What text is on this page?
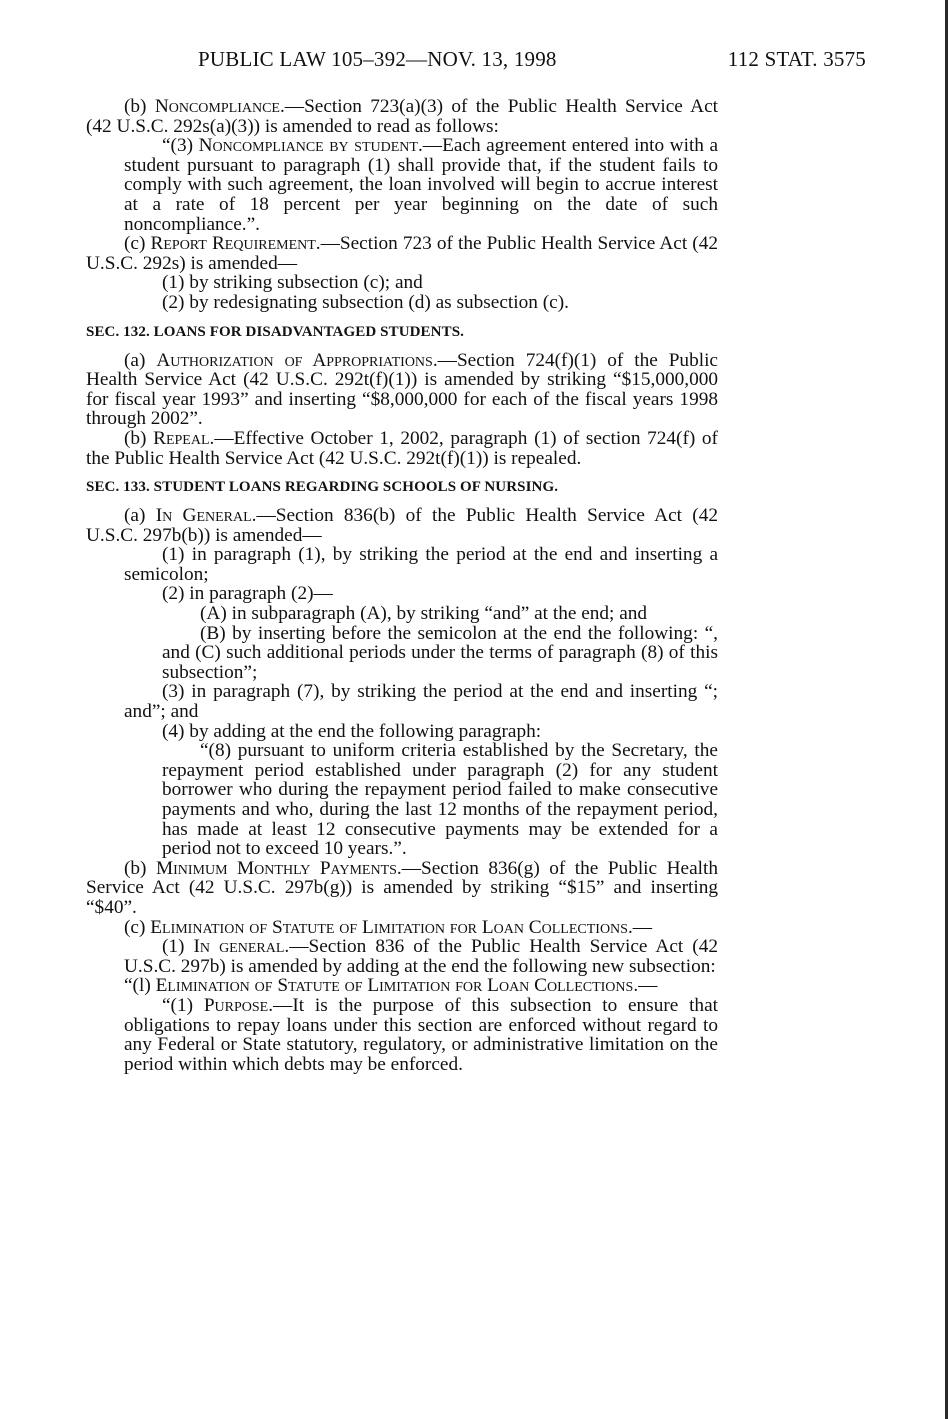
PUBLIC LAW 105–392—NOV. 13, 1998	112 STAT. 3575

(b) Noncompliance.—Section 723(a)(3) of the Public Health Service Act (42 U.S.C. 292s(a)(3)) is amended to read as follows:

“(3) Noncompliance by student.—Each agreement entered into with a student pursuant to paragraph (1) shall provide that, if the student fails to comply with such agreement, the loan involved will begin to accrue interest at a rate of 18 percent per year beginning on the date of such noncompliance.”.

(c) Report Requirement.—Section 723 of the Public Health Service Act (42 U.S.C. 292s) is amended—

(1) by striking subsection (c); and

(2) by redesignating subsection (d) as subsection (c).

SEC. 132. LOANS FOR DISADVANTAGED STUDENTS.

(a) Authorization of Appropriations.—Section 724(f)(1) of the Public Health Service Act (42 U.S.C. 292t(f)(1)) is amended by striking “$15,000,000 for fiscal year 1993” and inserting “$8,000,000 for each of the fiscal years 1998 through 2002”.

(b) Repeal.—Effective October 1, 2002, paragraph (1) of section 724(f) of the Public Health Service Act (42 U.S.C. 292t(f)(1)) is repealed.

SEC. 133. STUDENT LOANS REGARDING SCHOOLS OF NURSING.

(a) In General.—Section 836(b) of the Public Health Service Act (42 U.S.C. 297b(b)) is amended—

(1) in paragraph (1), by striking the period at the end and inserting a semicolon;

(2) in paragraph (2)—

(A) in subparagraph (A), by striking “and” at the end; and

(B) by inserting before the semicolon at the end the following: “, and (C) such additional periods under the terms of paragraph (8) of this subsection”;

(3) in paragraph (7), by striking the period at the end and inserting “; and”; and

(4) by adding at the end the following paragraph:

“(8) pursuant to uniform criteria established by the Secretary, the repayment period established under paragraph (2) for any student borrower who during the repayment period failed to make consecutive payments and who, during the last 12 months of the repayment period, has made at least 12 consecutive payments may be extended for a period not to exceed 10 years.”.

(b) Minimum Monthly Payments.—Section 836(g) of the Public Health Service Act (42 U.S.C. 297b(g)) is amended by striking “$15” and inserting “$40”.

(c) Elimination of Statute of Limitation for Loan Collections.—

(1) In general.—Section 836 of the Public Health Service Act (42 U.S.C. 297b) is amended by adding at the end the following new subsection:

“(l) Elimination of Statute of Limitation for Loan Collections.—

“(1) Purpose.—It is the purpose of this subsection to ensure that obligations to repay loans under this section are enforced without regard to any Federal or State statutory, regulatory, or administrative limitation on the period within which debts may be enforced.
